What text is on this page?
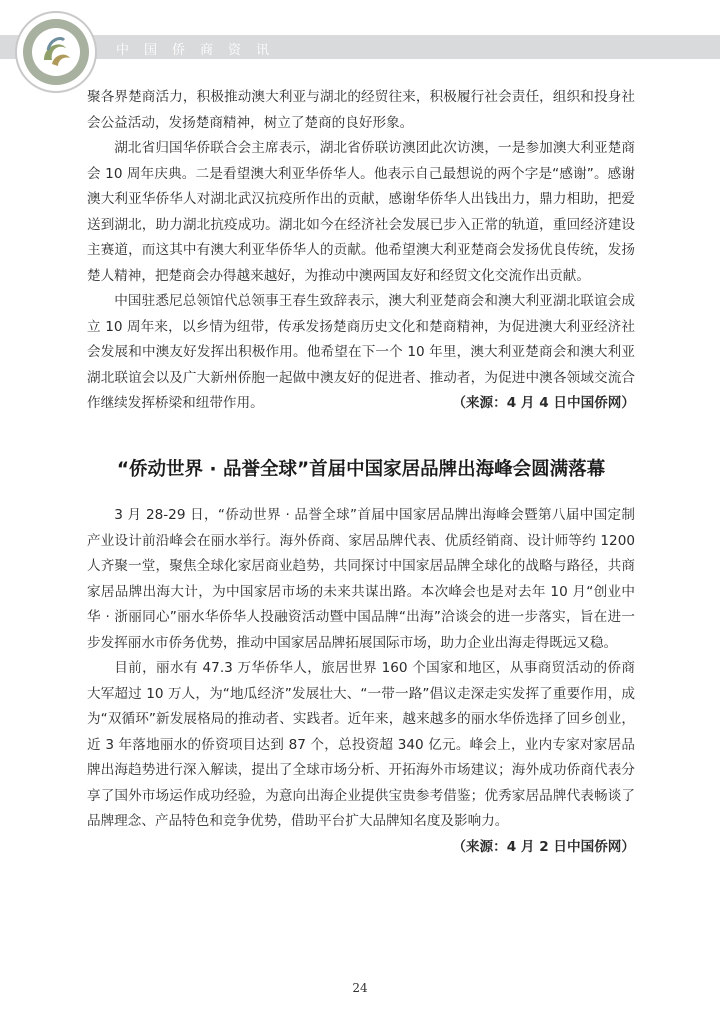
中国侨商资讯

聚各界楚商活力，积极推动澳大利亚与湖北的经贸往来，积极履行社会责任，组织和投身社会公益活动，发扬楚商精神，树立了楚商的良好形象。

湖北省归国华侨联合会主席表示，湖北省侨联访澳团此次访澳，一是参加澳大利亚楚商会 10 周年庆典。二是看望澳大利亚华侨华人。他表示自己最想说的两个字是“感谢”。感谢澳大利亚华侨华人对湖北武汉抗疫所作出的贡献，感谢华侨华人出钱出力，鼎力相助，把爱送到湖北，助力湖北抗疫成功。湖北如今在经济社会发展已步入正常的轨道，重回经济建设主赛道，而这其中有澳大利亚华侨华人的贡献。他希望澳大利亚楚商会发扬优良传统，发扬楚人精神，把楚商会办得越来越好，为推动中澳两国友好和经贸文化交流作出贡献。

中国驻悉尼总领馆代总领事王春生致辞表示，澳大利亚楚商会和澳大利亚湖北联谊会成立 10 周年来，以乡情为纽带，传承发扬楚商历史文化和楚商精神，为促进澳大利亚经济社会发展和中澳友好发挥出积极作用。他希望在下一个 10 年里，澳大利亚楚商会和澳大利亚湖北联谊会以及广大新州侨胞一起做中澳友好的促进者、推动者，为促进中澳各领域交流合作继续发挥桥梁和纽带作用。	（来源：4 月 4 日中国侨网）

“侨动世界 · 品誉全球”首届中国家居品牌出海峰会圆满落幕

3 月 28-29 日，“侨动世界 · 品誉全球”首届中国家居品牌出海峰会暨第八届中国定制产业设计前沿峰会在丽水举行。海外侨商、家居品牌代表、优质经销商、设计师等约 1200 人齐聚一堂，聚焦全球化家居商业趋势，共同探讨中国家居品牌全球化的战略与路径，共商家居品牌出海大计，为中国家居市场的未来共谋出路。本次峰会也是对去年 10 月“创业中华 · 浙丽同心”丽水华侨华人投融资活动暨中国品牌“出海”洽谈会的进一步落实，旨在进一步发挥丽水市侨务优势，推动中国家居品牌拓展国际市场，助力企业出海走得既远又稳。

目前，丽水有 47.3 万华侨华人，旅居世界 160 个国家和地区，从事商贸活动的侨商大军超过 10 万人，为“地瓜经济”发展壮大、“一带一路”倡议走深走实发挥了重要作用，成为“双循环”新发展格局的推动者、实践者。近年来，越来越多的丽水华侨选择了回乡创业，近 3 年落地丽水的侨资项目达到 87 个，总投资超 340 亿元。峰会上，业内专家对家居品牌出海趋势进行深入解读，提出了全球市场分析、开拓海外市场建议；海外成功侨商代表分享了国外市场运作成功经验，为意向出海企业提供宝贵参考借鉴；优秀家居品牌代表畅谈了品牌理念、产品特色和竞争优势，借助平台扩大品牌知名度及影响力。

（来源：4 月 2 日中国侨网）

24
